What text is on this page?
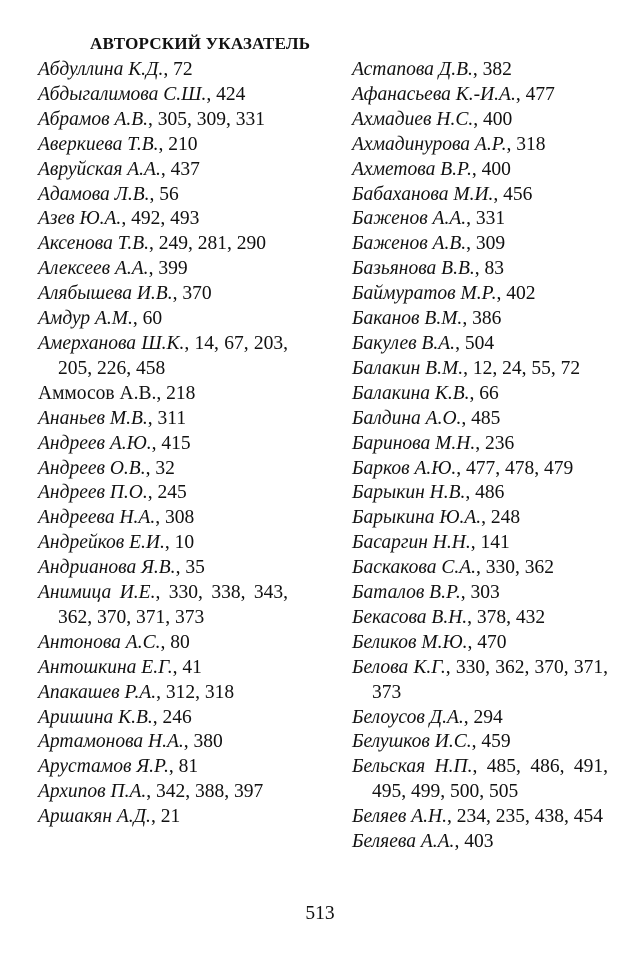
АВТОРСКИЙ УКАЗАТЕЛЬ
Абдуллина К.Д., 72
Абдыгалимова С.Ш., 424
Абрамов А.В., 305, 309, 331
Аверкиева Т.В., 210
Авруйская А.А., 437
Адамова Л.В., 56
Азев Ю.А., 492, 493
Аксенова Т.В., 249, 281, 290
Алексеев А.А., 399
Алябышева И.В., 370
Амдур А.М., 60
Амерханова Ш.К., 14, 67, 203, 205, 226, 458
Аммосов А.В., 218
Ананьев М.В., 311
Андреев А.Ю., 415
Андреев О.В., 32
Андреев П.О., 245
Андреева Н.А., 308
Андрейков Е.И., 10
Андрианова Я.В., 35
Анимица И.Е., 330, 338, 343, 362, 370, 371, 373
Антонова А.С., 80
Антошкина Е.Г., 41
Апакашев Р.А., 312, 318
Аришина К.В., 246
Артамонова Н.А., 380
Арустамов Я.Р., 81
Архипов П.А., 342, 388, 397
Аршакян А.Д., 21
Астапова Д.В., 382
Афанасьева К.-И.А., 477
Ахмадиев Н.С., 400
Ахмадинурова А.Р., 318
Ахметова В.Р., 400
Бабаханова М.И., 456
Баженов А.А., 331
Баженов А.В., 309
Базьянова В.В., 83
Баймуратов М.Р., 402
Баканов В.М., 386
Бакулев В.А., 504
Балакин В.М., 12, 24, 55, 72
Балакина К.В., 66
Балдина А.О., 485
Баринова М.Н., 236
Барков А.Ю., 477, 478, 479
Барыкин Н.В., 486
Барыкина Ю.А., 248
Басаргин Н.Н., 141
Баскакова С.А., 330, 362
Баталов В.Р., 303
Бекасова В.Н., 378, 432
Беликов М.Ю., 470
Белова К.Г., 330, 362, 370, 371, 373
Белоусов Д.А., 294
Белушков И.С., 459
Бельская Н.П., 485, 486, 491, 495, 499, 500, 505
Беляев А.Н., 234, 235, 438, 454
Беляева А.А., 403
513
